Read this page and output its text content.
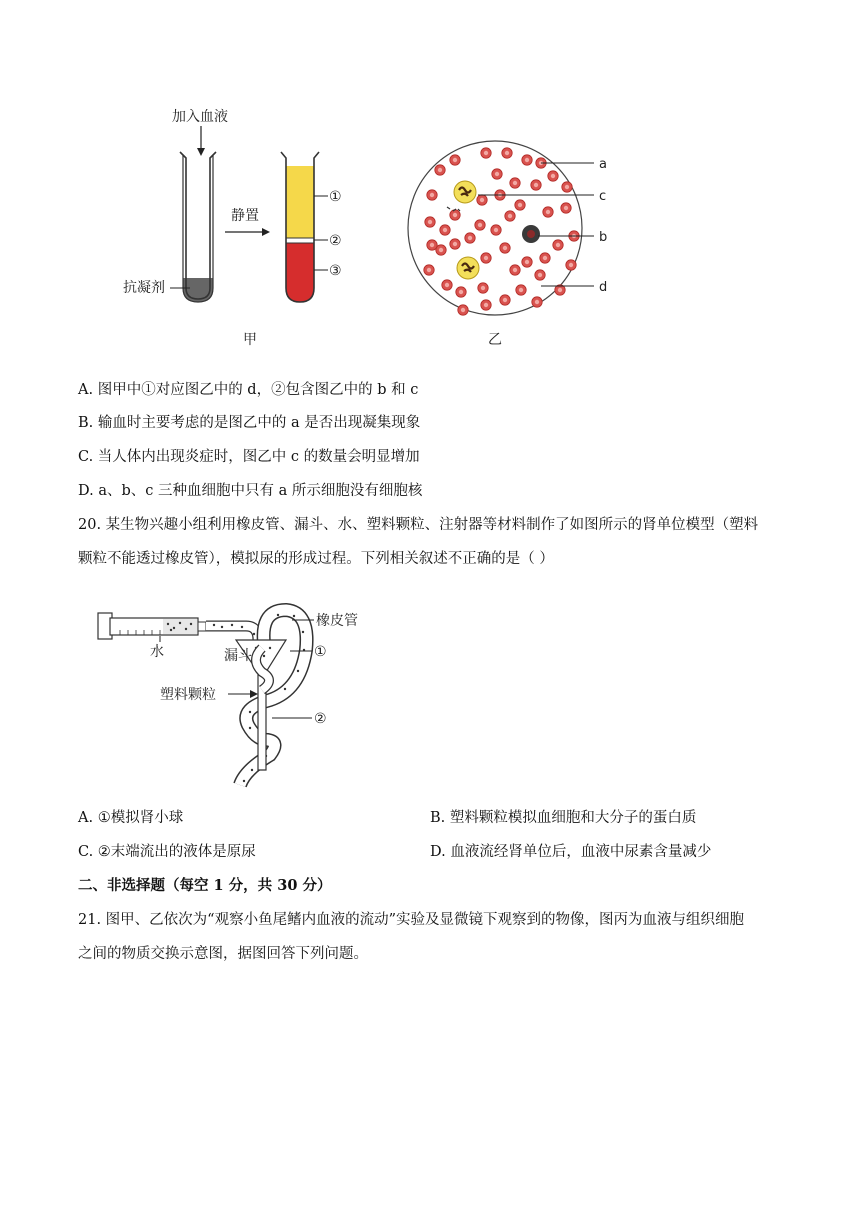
加入血液
抗凝剂
静置
①
②
③
甲
a
c
b
d
乙
A. 图甲中①对应图乙中的 d，②包含图乙中的 b 和 c
B. 输血时主要考虑的是图乙中的 a 是否出现凝集现象
C. 当人体内出现炎症时，图乙中 c 的数量会明显增加
D. a、b、c 三种血细胞中只有 a 所示细胞没有细胞核
20. 某生物兴趣小组利用橡皮管、漏斗、水、塑料颗粒、注射器等材料制作了如图所示的肾单位模型（塑料
颗粒不能透过橡皮管），模拟尿的形成过程。下列相关叙述不正确的是（ ）
橡皮管
水	漏斗	①
塑料颗粒
②
A. ①模拟肾小球	B. 塑料颗粒模拟血细胞和大分子的蛋白质
C. ②末端流出的液体是原尿	D. 血液流经肾单位后，血液中尿素含量减少
二、非选择题（每空 1 分，共 30 分）
21. 图甲、乙依次为“观察小鱼尾鳍内血液的流动”实验及显微镜下观察到的物像，图丙为血液与组织细胞
之间的物质交换示意图，据图回答下列问题。
